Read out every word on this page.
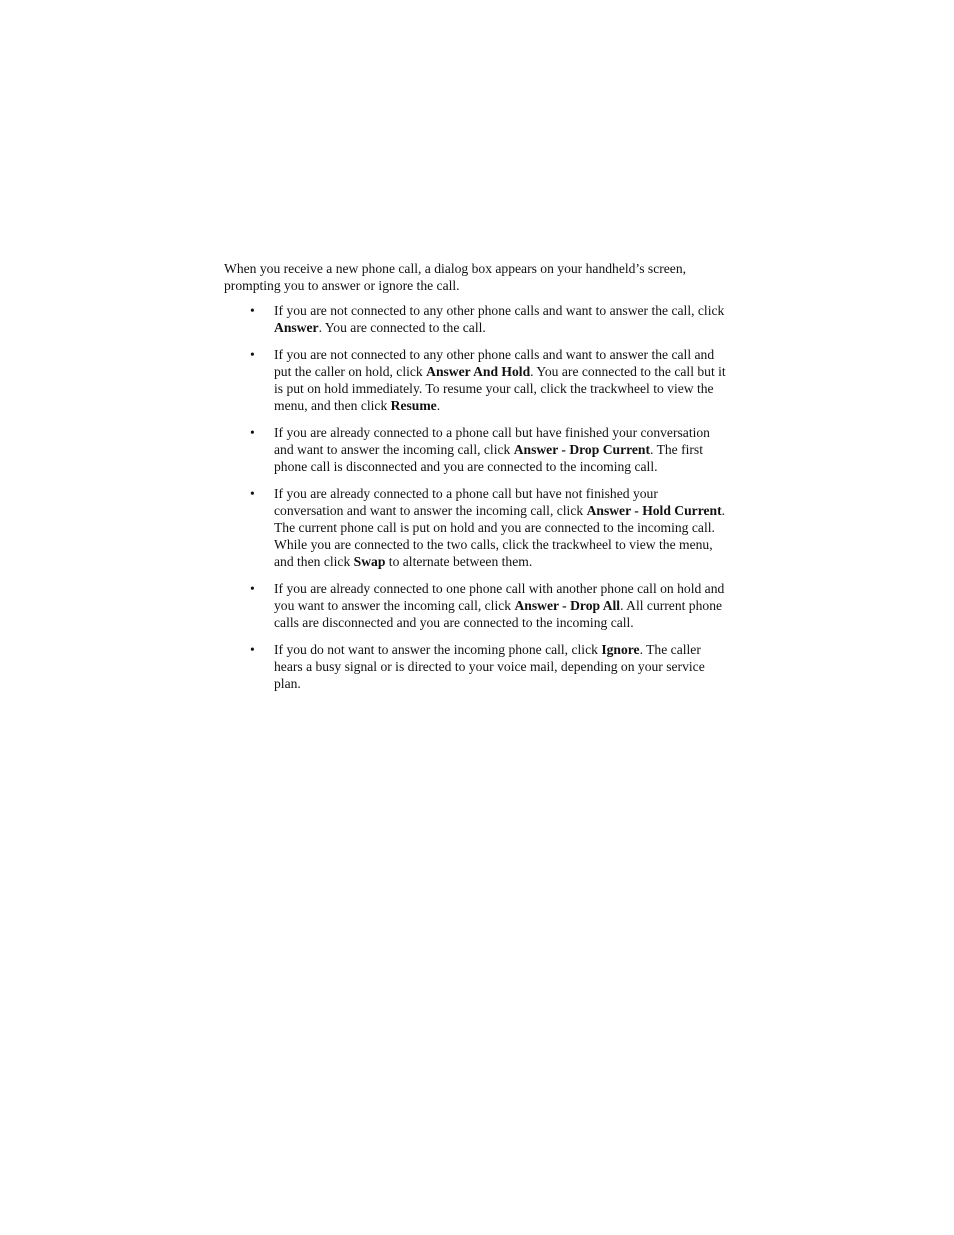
When you receive a new phone call, a dialog box appears on your handheld’s screen, prompting you to answer or ignore the call.

• If you are not connected to any other phone calls and want to answer the call, click Answer. You are connected to the call.
• If you are not connected to any other phone calls and want to answer the call and put the caller on hold, click Answer And Hold. You are connected to the call but it is put on hold immediately. To resume your call, click the trackwheel to view the menu, and then click Resume.
• If you are already connected to a phone call but have finished your conversation and want to answer the incoming call, click Answer - Drop Current. The first phone call is disconnected and you are connected to the incoming call.
• If you are already connected to a phone call but have not finished your conversation and want to answer the incoming call, click Answer - Hold Current. The current phone call is put on hold and you are connected to the incoming call. While you are connected to the two calls, click the trackwheel to view the menu, and then click Swap to alternate between them.
• If you are already connected to one phone call with another phone call on hold and you want to answer the incoming call, click Answer - Drop All. All current phone calls are disconnected and you are connected to the incoming call.
• If you do not want to answer the incoming phone call, click Ignore. The caller hears a busy signal or is directed to your voice mail, depending on your service plan.
